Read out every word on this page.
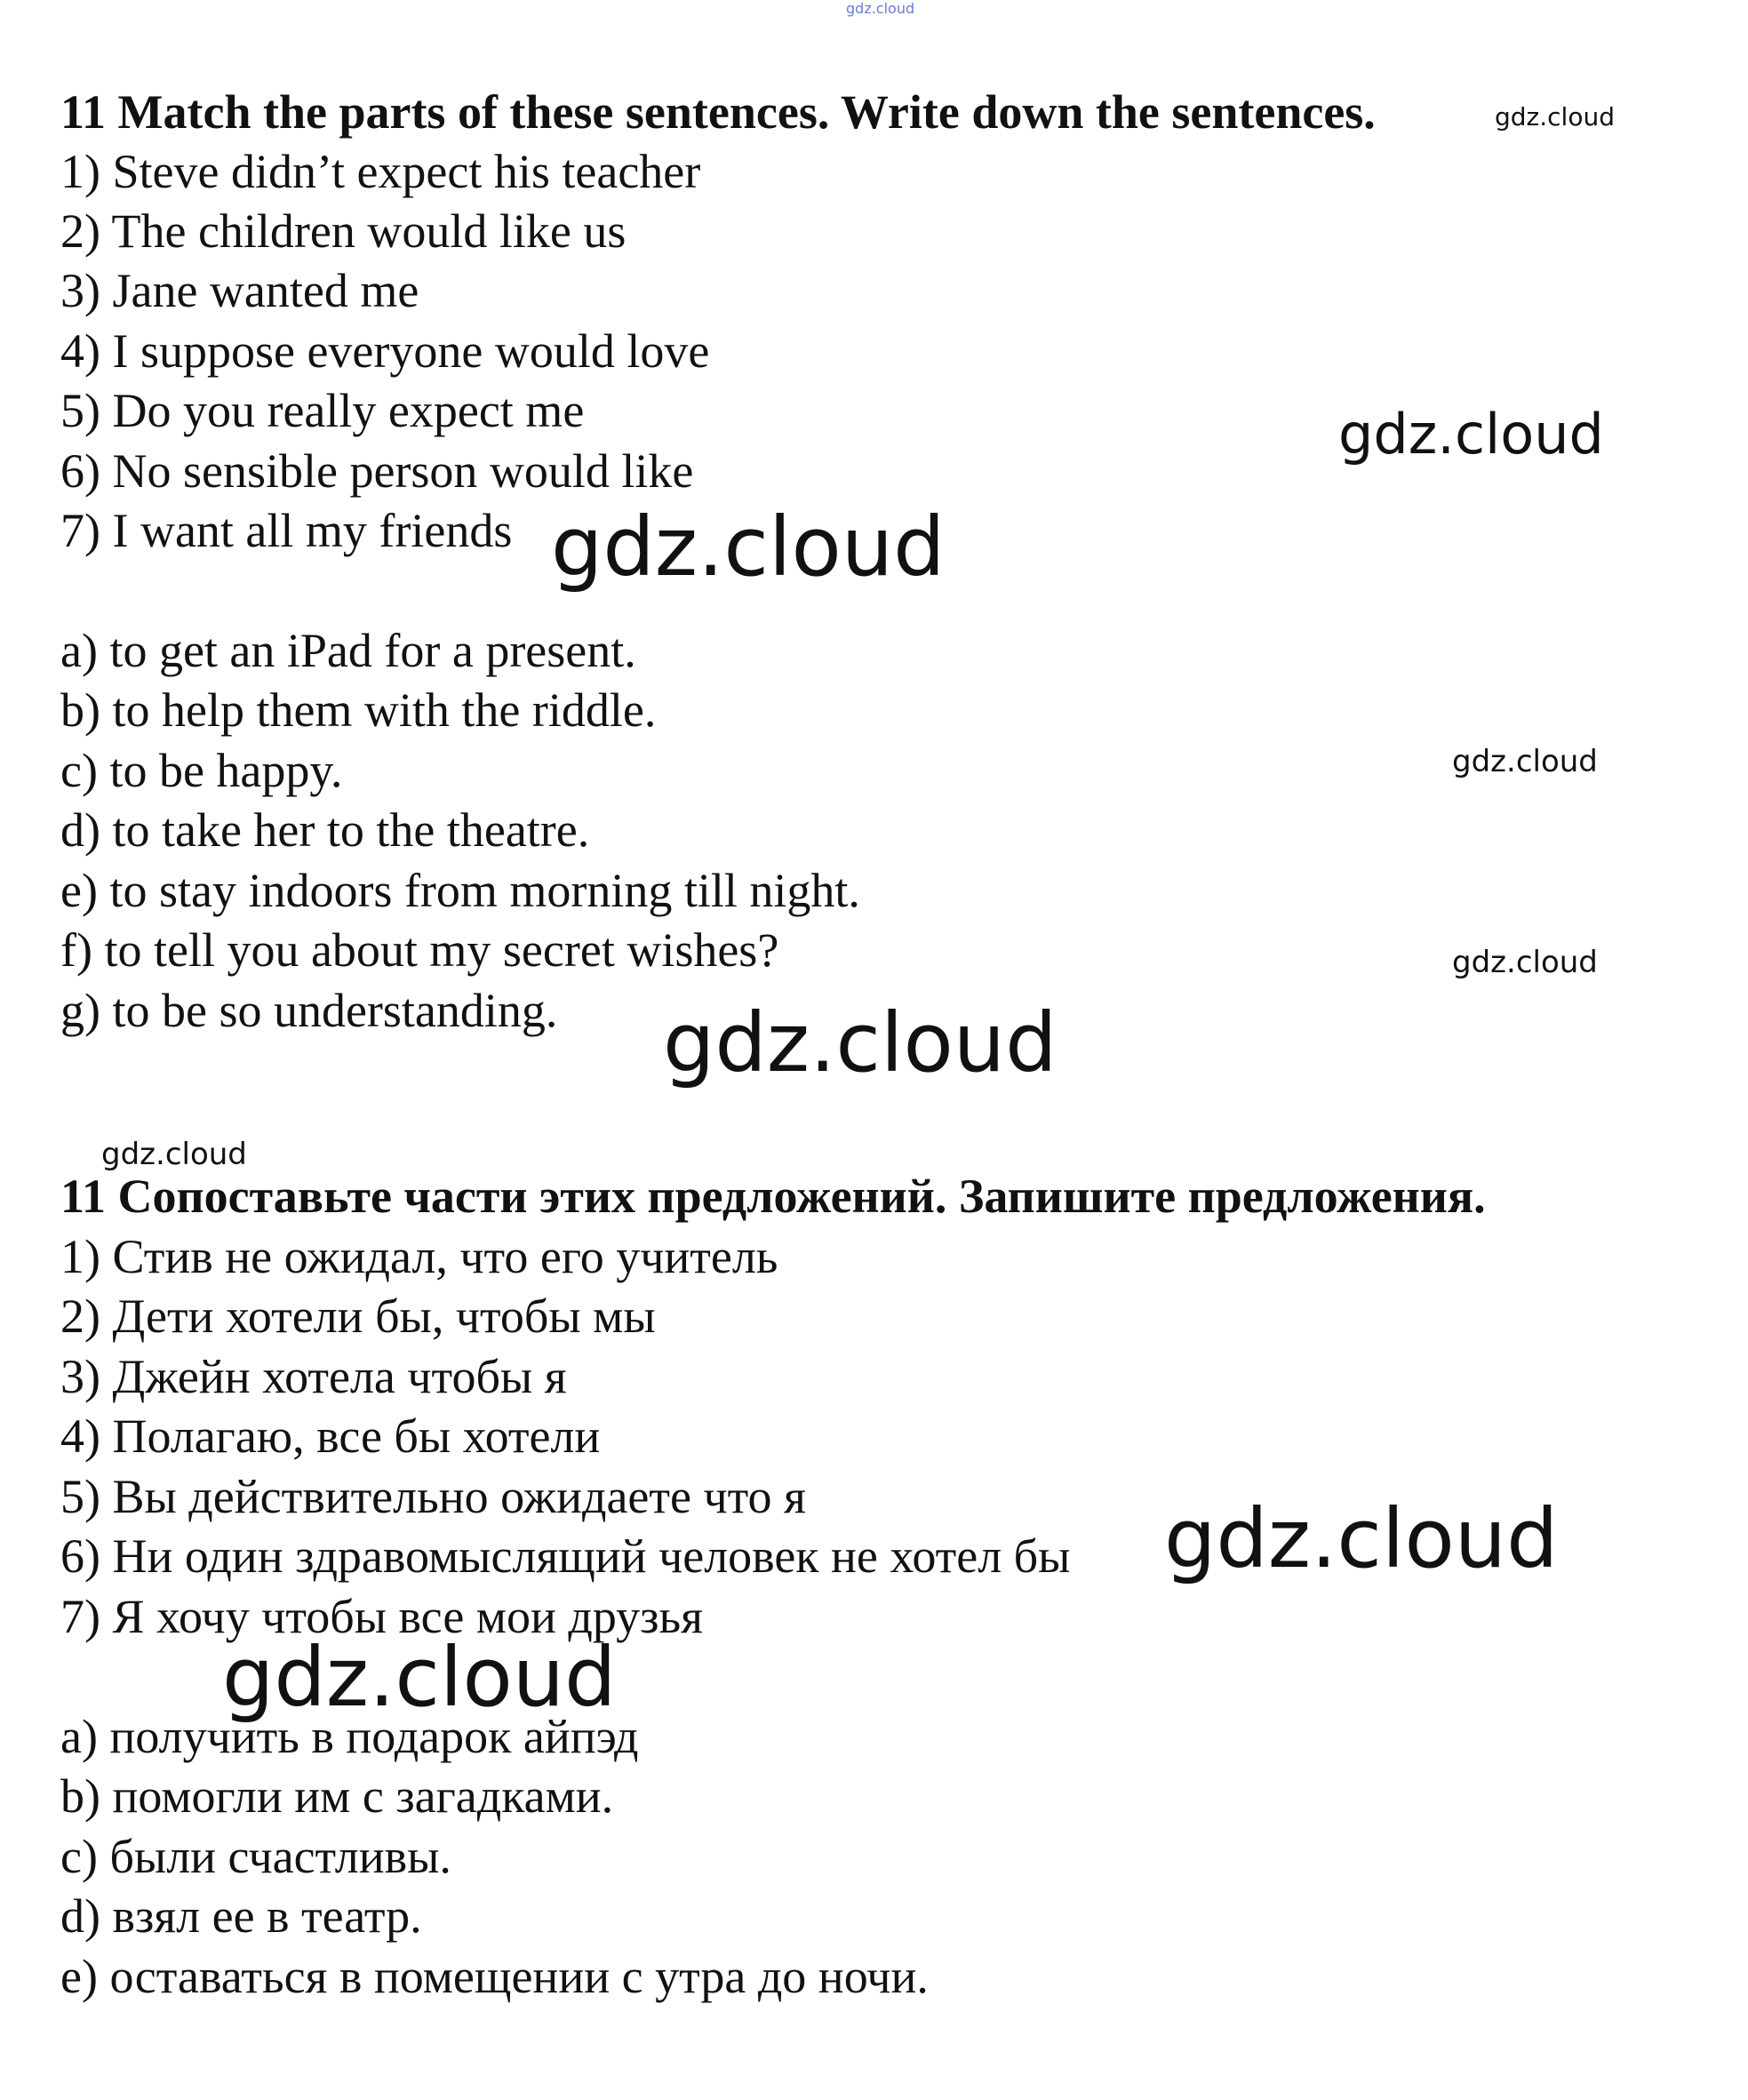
11 Match the parts of these sentences. Write down the sentences.
1) Steve didn’t expect his teacher
2) The children would like us
3) Jane wanted me
4) I suppose everyone would love
5) Do you really expect me
6) No sensible person would like
7) I want all my friends
a) to get an iPad for a present.
b) to help them with the riddle.
c) to be happy.
d) to take her to the theatre.
e) to stay indoors from morning till night.
f) to tell you about my secret wishes?
g) to be so understanding.
11 Сопоставьте части этих предложений. Запишите предложения.
1) Стив не ожидал, что его учитель
2) Дети хотели бы, чтобы мы
3) Джейн хотела чтобы я
4) Полагаю, все бы хотели
5) Вы действительно ожидаете что я
6) Ни один здравомыслящий человек не хотел бы
7) Я хочу чтобы все мои друзья
a) получить в подарок айпэд
b) помогли им с загадками.
c) были счастливы.
d) взял ее в театр.
e) оставаться в помещении с утра до ночи.
gdz.cloud
gdz.cloud
gdz.cloud
gdz.cloud
gdz.cloud
gdz.cloud
gdz.cloud
gdz.cloud
gdz.cloud
gdz.cloud
